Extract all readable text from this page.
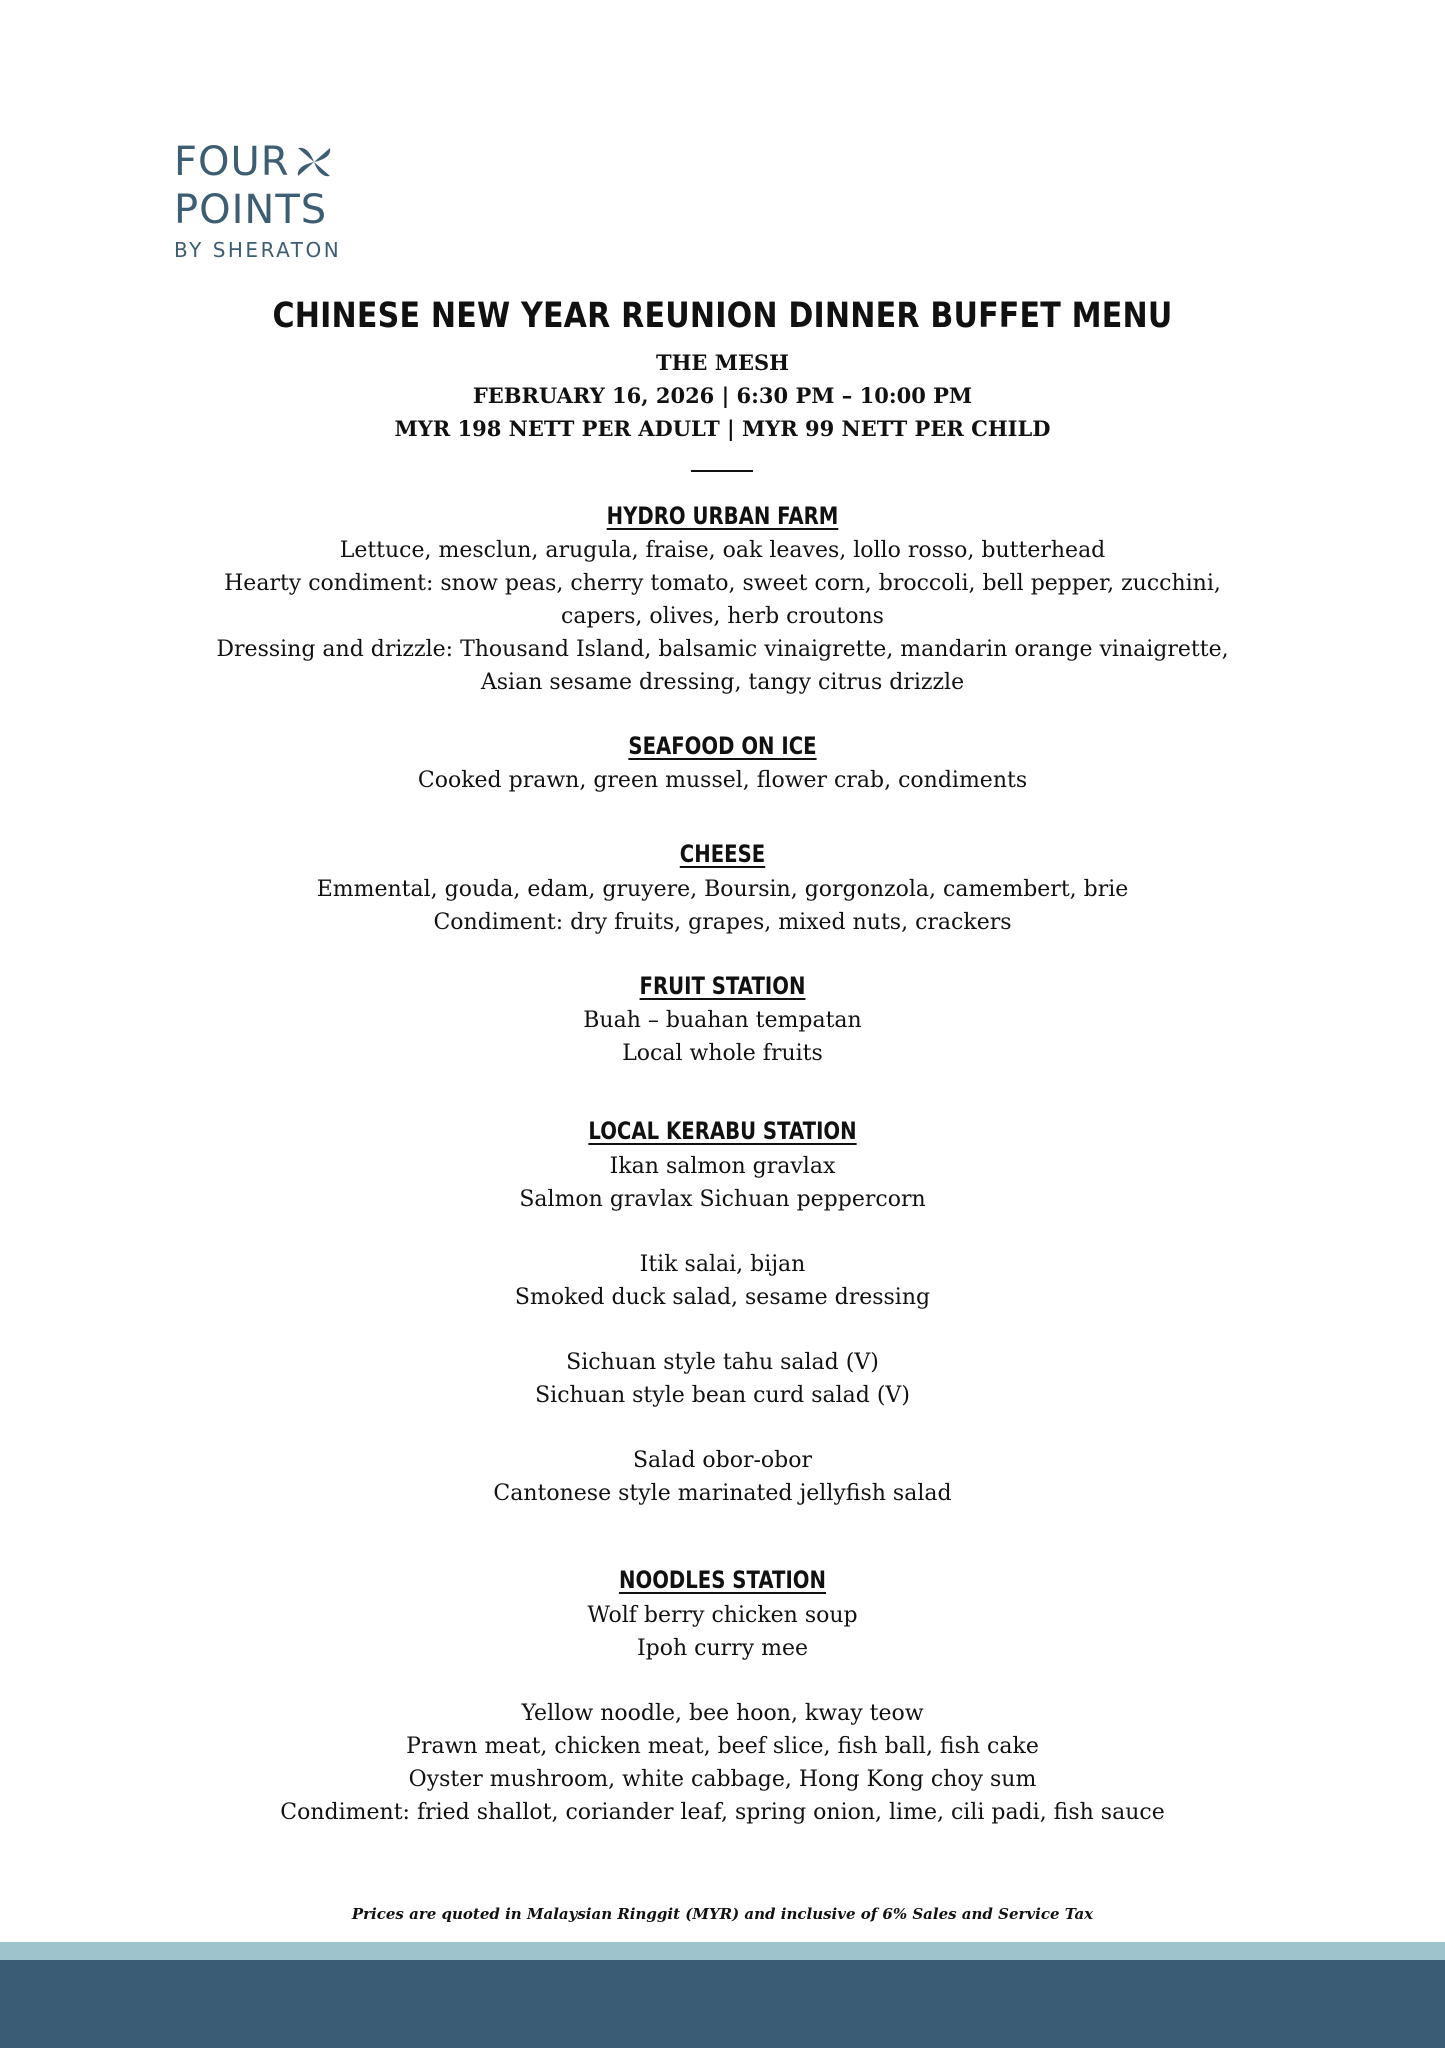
FOUR
POINTS
BY SHERATON
CHINESE NEW YEAR REUNION DINNER BUFFET MENU
THE MESH
FEBRUARY 16, 2026 | 6:30 PM – 10:00 PM
MYR 198 NETT PER ADULT | MYR 99 NETT PER CHILD
HYDRO URBAN FARM
Lettuce, mesclun, arugula, fraise, oak leaves, lollo rosso, butterhead
Hearty condiment: snow peas, cherry tomato, sweet corn, broccoli, bell pepper, zucchini,
capers, olives, herb croutons
Dressing and drizzle: Thousand Island, balsamic vinaigrette, mandarin orange vinaigrette,
Asian sesame dressing, tangy citrus drizzle
SEAFOOD ON ICE
Cooked prawn, green mussel, flower crab, condiments
CHEESE
Emmental, gouda, edam, gruyere, Boursin, gorgonzola, camembert, brie
Condiment: dry fruits, grapes, mixed nuts, crackers
FRUIT STATION
Buah – buahan tempatan
Local whole fruits
LOCAL KERABU STATION
Ikan salmon gravlax
Salmon gravlax Sichuan peppercorn
Itik salai, bijan
Smoked duck salad, sesame dressing
Sichuan style tahu salad (V)
Sichuan style bean curd salad (V)
Salad obor-obor
Cantonese style marinated jellyfish salad
NOODLES STATION
Wolf berry chicken soup
Ipoh curry mee
Yellow noodle, bee hoon, kway teow
Prawn meat, chicken meat, beef slice, fish ball, fish cake
Oyster mushroom, white cabbage, Hong Kong choy sum
Condiment: fried shallot, coriander leaf, spring onion, lime, cili padi, fish sauce
Prices are quoted in Malaysian Ringgit (MYR) and inclusive of 6% Sales and Service Tax
